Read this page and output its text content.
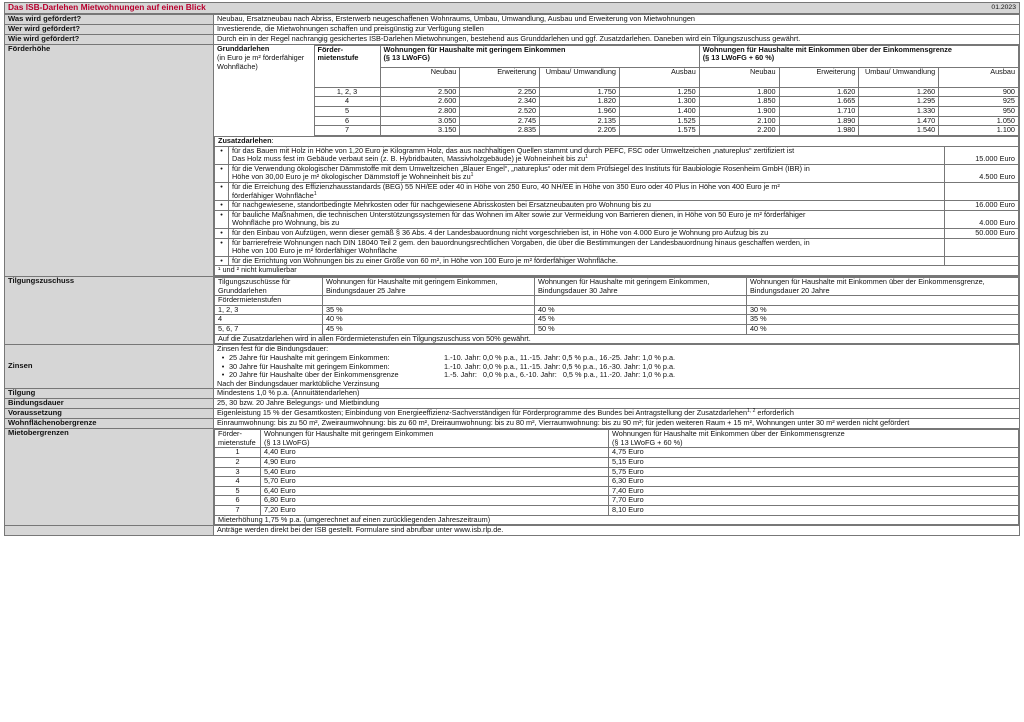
Das ISB-Darlehen Mietwohnungen auf einen Blick	01.2023
Was wird gefördert?	Neubau, Ersatzneubau nach Abriss, Ersterwerb neugeschaffenen Wohnraums, Umbau, Umwandlung, Ausbau und Erweiterung von Mietwohnungen
Wer wird gefördert?	Investierende, die Mietwohnungen schaffen und preisgünstig zur Verfügung stellen
Wie wird gefördert?	Durch ein in der Regel nachrangig gesichertes ISB-Darlehen Mietwohnungen, bestehend aus Grunddarlehen und ggf. Zusatzdarlehen. Daneben wird ein Tilgungszuschuss gewährt.
Förderhöhe		Grunddarlehen
(in Euro je m² förderfähiger Wohnfläche)
	Förder-mietenstufe	
Wohnungen für Haushalte mit geringem Einkommen
(§ 13 LWoFG)

Wohnungen für Haushalte mit Einkommen über der Einkommensgrenze
(§ 13 LWoFG + 60 %)

Neubau	Erweiterung	Umbau/ Umwandlung	Ausbau	Neubau	Erweiterung	Umbau/ Umwandlung	Ausbau
1, 2, 3	2.500	2.250	1.750	1.250	1.800	1.620	1.260	900
4	2.600	2.340	1.820	1.300	1.850	1.665	1.295	925
5	2.800	2.520	1.960	1.400	1.900	1.710	1.330	950
6	3.050	2.745	2.135	1.525	2.100	1.890	1.470	1.050
7	3.150	2.835	2.205	1.575	2.200	1.980	1.540	1.100
Zusatzdarlehen:
•	für das Bauen mit Holz in Höhe von 1,20 Euro je Kilogramm Holz, das aus nachhaltigen Quellen stammt und durch PEFC, FSC oder Umweltzeichen „natureplus“ zertifiziert ist
Das Holz muss fest im Gebäude verbaut sein (z. B. Hybridbauten, Massivholzgebäude) je Wohneinheit bis $zu^1$	15.000 Euro
•	für die Verwendung ökologischer Dämmstoffe mit dem Umweltzeichen „Blauer Engel“, „natureplus“ oder mit dem Prüfsiegel des Instituts für Baubiologie Rosenheim GmbH (IBR) in
Höhe von 30,00 Euro je m² ökologischer Dämmstoff je Wohneinheit bis $zu^1$	4.500 Euro
•	für die Erreichung des Effizienzhausstandards (BEG) 55 NH/EE oder 40 in Höhe von 250 Euro, 40 NH/EE in Höhe von 350 Euro oder 40 Plus in Höhe von 400 Euro je m²
förderfähiger Wohnfläche$^1$

•	für nachgewiesene, standortbedingte Mehrkosten oder für nachgewiesene Abrisskosten bei Ersatzneubauten pro Wohnung bis zu	16.000 Euro
•	für bauliche Maßnahmen, die technischen Unterstützungssystemen für das Wohnen im Alter sowie zur Vermeidung von Barrieren dienen, in Höhe von 50 Euro je m² förderfähiger
Wohnfläche pro Wohnung, bis zu	4.000 Euro
•	für den Einbau von Aufzügen, wenn dieser gemäß § 36 Abs. 4 der Landesbauordnung nicht vorgeschrieben ist, in Höhe von 4.000 Euro je Wohnung pro Aufzug bis zu	50.000 Euro
•	für barrierefreie Wohnungen nach DIN 18040 Teil 2 gem. den bauordnungsrechtlichen Vorgaben, die über die Bestimmungen der Landesbauordnung hinaus geschaffen werden, in
Höhe von 100 Euro je m² förderfähiger Wohnfläche

•	für die Errichtung von Wohnungen bis zu einer Größe von 60 m², in Höhe von 100 Euro je m² förderfähiger Wohnfläche.	
¹ und ² nicht kumulierbar

Tilgungszuschuss		Tilgungszuschüsse für Grunddarlehen	Wohnungen für Haushalte mit geringem Einkommen, Bindungsdauer 25 Jahre	Wohnungen für Haushalte mit geringem Einkommen, Bindungsdauer 30 Jahre	Wohnungen für Haushalte mit Einkommen über der Einkommensgrenze, Bindungsdauer 20 Jahre
Fördermietenstufen			
1, 2, 3	35 %	40 %	30 %
4	40 %	45 %	35 %
5, 6, 7	45 %	50 %	40 %
Auf die Zusatzdarlehen wird in allen Fördermietenstufen ein Tilgungszuschuss von 50% gewährt.

Zinsen	
Zinsen fest für die Bindungsdauer:
• 25 Jahre für Haushalte mit geringem Einkommen:	1.-10. Jahr: 0,0 % p.a., 11.-15. Jahr: 0,5 % p.a., 16.-25. Jahr: 1,0 % p.a.
• 30 Jahre für Haushalte mit geringem Einkommen:	1.-10. Jahr: 0,0 % p.a., 11.-15. Jahr: 0,5 % p.a., 16.-30. Jahr: 1,0 % p.a.
• 20 Jahre für Haushalte über der Einkommensgrenze	1.-5. Jahr:   0,0 % p.a., 6.-10. Jahr:   0,5 % p.a., 11.-20. Jahr: 1,0 % p.a.
Nach der Bindungsdauer marktübliche Verzinsung

Tilgung	Mindestens 1,0 % p.a. (Annuitätendarlehen)
Bindungsdauer	25, 30 bzw. 20 Jahre Belegungs- und Mietbindung
Voraussetzung	Eigenleistung 15 % der Gesamtkosten; Einbindung von Energieeffizienz-Sachverständigen für Förderprogramme des Bundes bei Antragstellung der Zusatzdarlehen$^{1, 2}$ erforderlich
Wohnflächenobergrenze	Einraumwohnung: bis zu 50 m², Zweiraumwohnung: bis zu 60 m², Dreiraumwohnung: bis zu 80 m², Vierraumwohnung: bis zu 90 m²; für jeden weiteren Raum + 15 m², Wohnungen unter 30 m² werden nicht gefördert
Mietobergrenzen		Förder-mietenstufe	
Wohnungen für Haushalte mit geringem Einkommen
(§ 13 LWoFG)

Wohnungen für Haushalte mit Einkommen über der Einkommensgrenze
(§ 13 LWoFG + 60 %)

1	4,40 Euro	4,75 Euro
2	4,90 Euro	5,15 Euro
3	5,40 Euro	5,75 Euro
4	5,70 Euro	6,30 Euro
5	6,40 Euro	7,40 Euro
6	6,80 Euro	7,70 Euro
7	7,20 Euro	8,10 Euro
Mieterhöhung 1,75 % p.a. (umgerechnet auf einen zurückliegenden Jahreszeitraum)

	Anträge werden direkt bei der ISB gestellt. Formulare sind abrufbar unter www.isb.rlp.de.
